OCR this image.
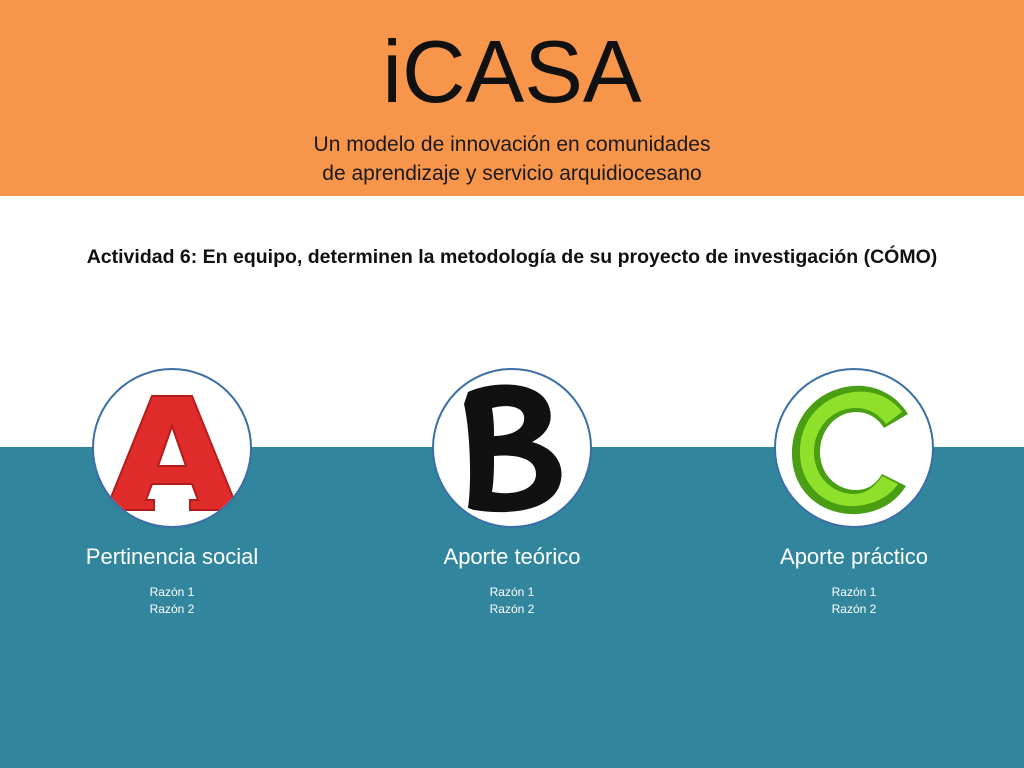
iCASA
Un modelo de innovación en comunidades
de aprendizaje y servicio arquidiocesano
Actividad 6: En equipo, determinen la metodología de su proyecto de investigación (CÓMO)
Pertinencia social
Razón 1
Razón 2
Aporte teórico
Razón 1
Razón 2
Aporte práctico
Razón 1
Razón 2
